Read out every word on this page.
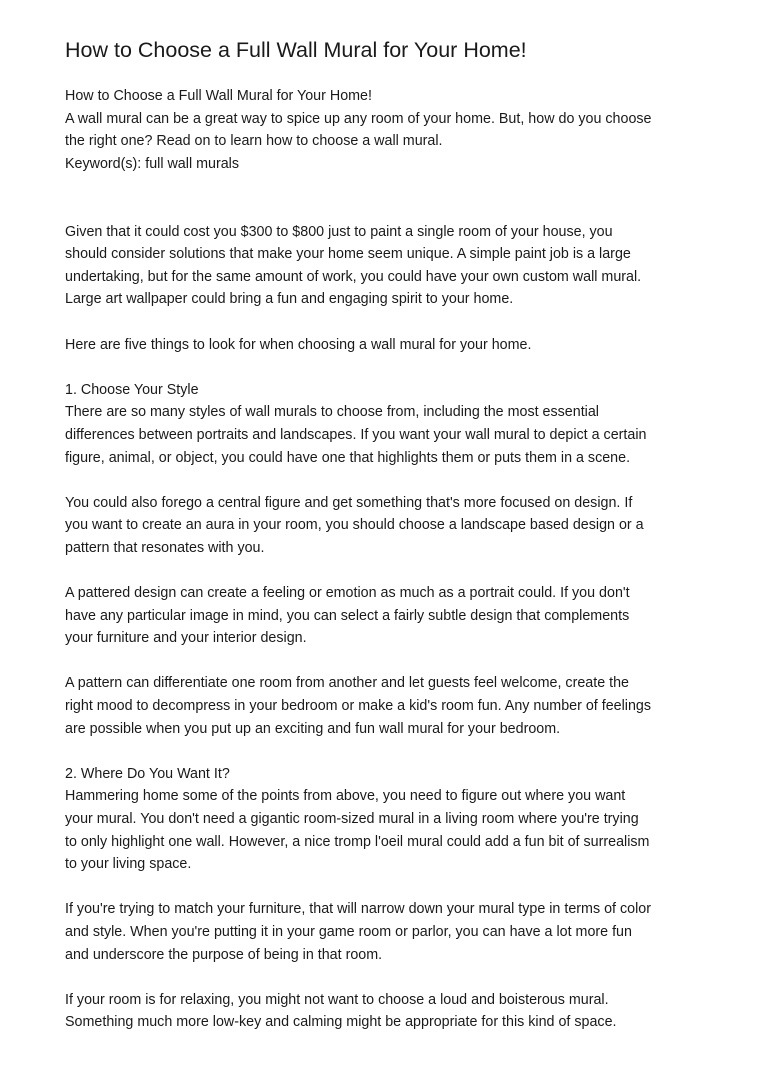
How to Choose a Full Wall Mural for Your Home!

How to Choose a Full Wall Mural for Your Home!

A wall mural can be a great way to spice up any room of your home. But, how do you choose

the right one? Read on to learn how to choose a wall mural.

Keyword(s): full wall murals

Given that it could cost you $300 to $800 just to paint a single room of your house, you

should consider solutions that make your home seem unique. A simple paint job is a large

undertaking, but for the same amount of work, you could have your own custom wall mural.

Large art wallpaper could bring a fun and engaging spirit to your home.

Here are five things to look for when choosing a wall mural for your home.

1. Choose Your Style

There are so many styles of wall murals to choose from, including the most essential

differences between portraits and landscapes. If you want your wall mural to depict a certain

figure, animal, or object, you could have one that highlights them or puts them in a scene.

You could also forego a central figure and get something that's more focused on design. If

you want to create an aura in your room, you should choose a landscape based design or a

pattern that resonates with you.

A pattered design can create a feeling or emotion as much as a portrait could. If you don't

have any particular image in mind, you can select a fairly subtle design that complements

your furniture and your interior design.

A pattern can differentiate one room from another and let guests feel welcome, create the

right mood to decompress in your bedroom or make a kid's room fun. Any number of feelings

are possible when you put up an exciting and fun wall mural for your bedroom.

2. Where Do You Want It?

Hammering home some of the points from above, you need to figure out where you want

your mural. You don't need a gigantic room-sized mural in a living room where you're trying

to only highlight one wall. However, a nice tromp l'oeil mural could add a fun bit of surrealism

to your living space.

If you're trying to match your furniture, that will narrow down your mural type in terms of color

and style. When you're putting it in your game room or parlor, you can have a lot more fun

and underscore the purpose of being in that room.

If your room is for relaxing, you might not want to choose a loud and boisterous mural.

Something much more low-key and calming might be appropriate for this kind of space.
